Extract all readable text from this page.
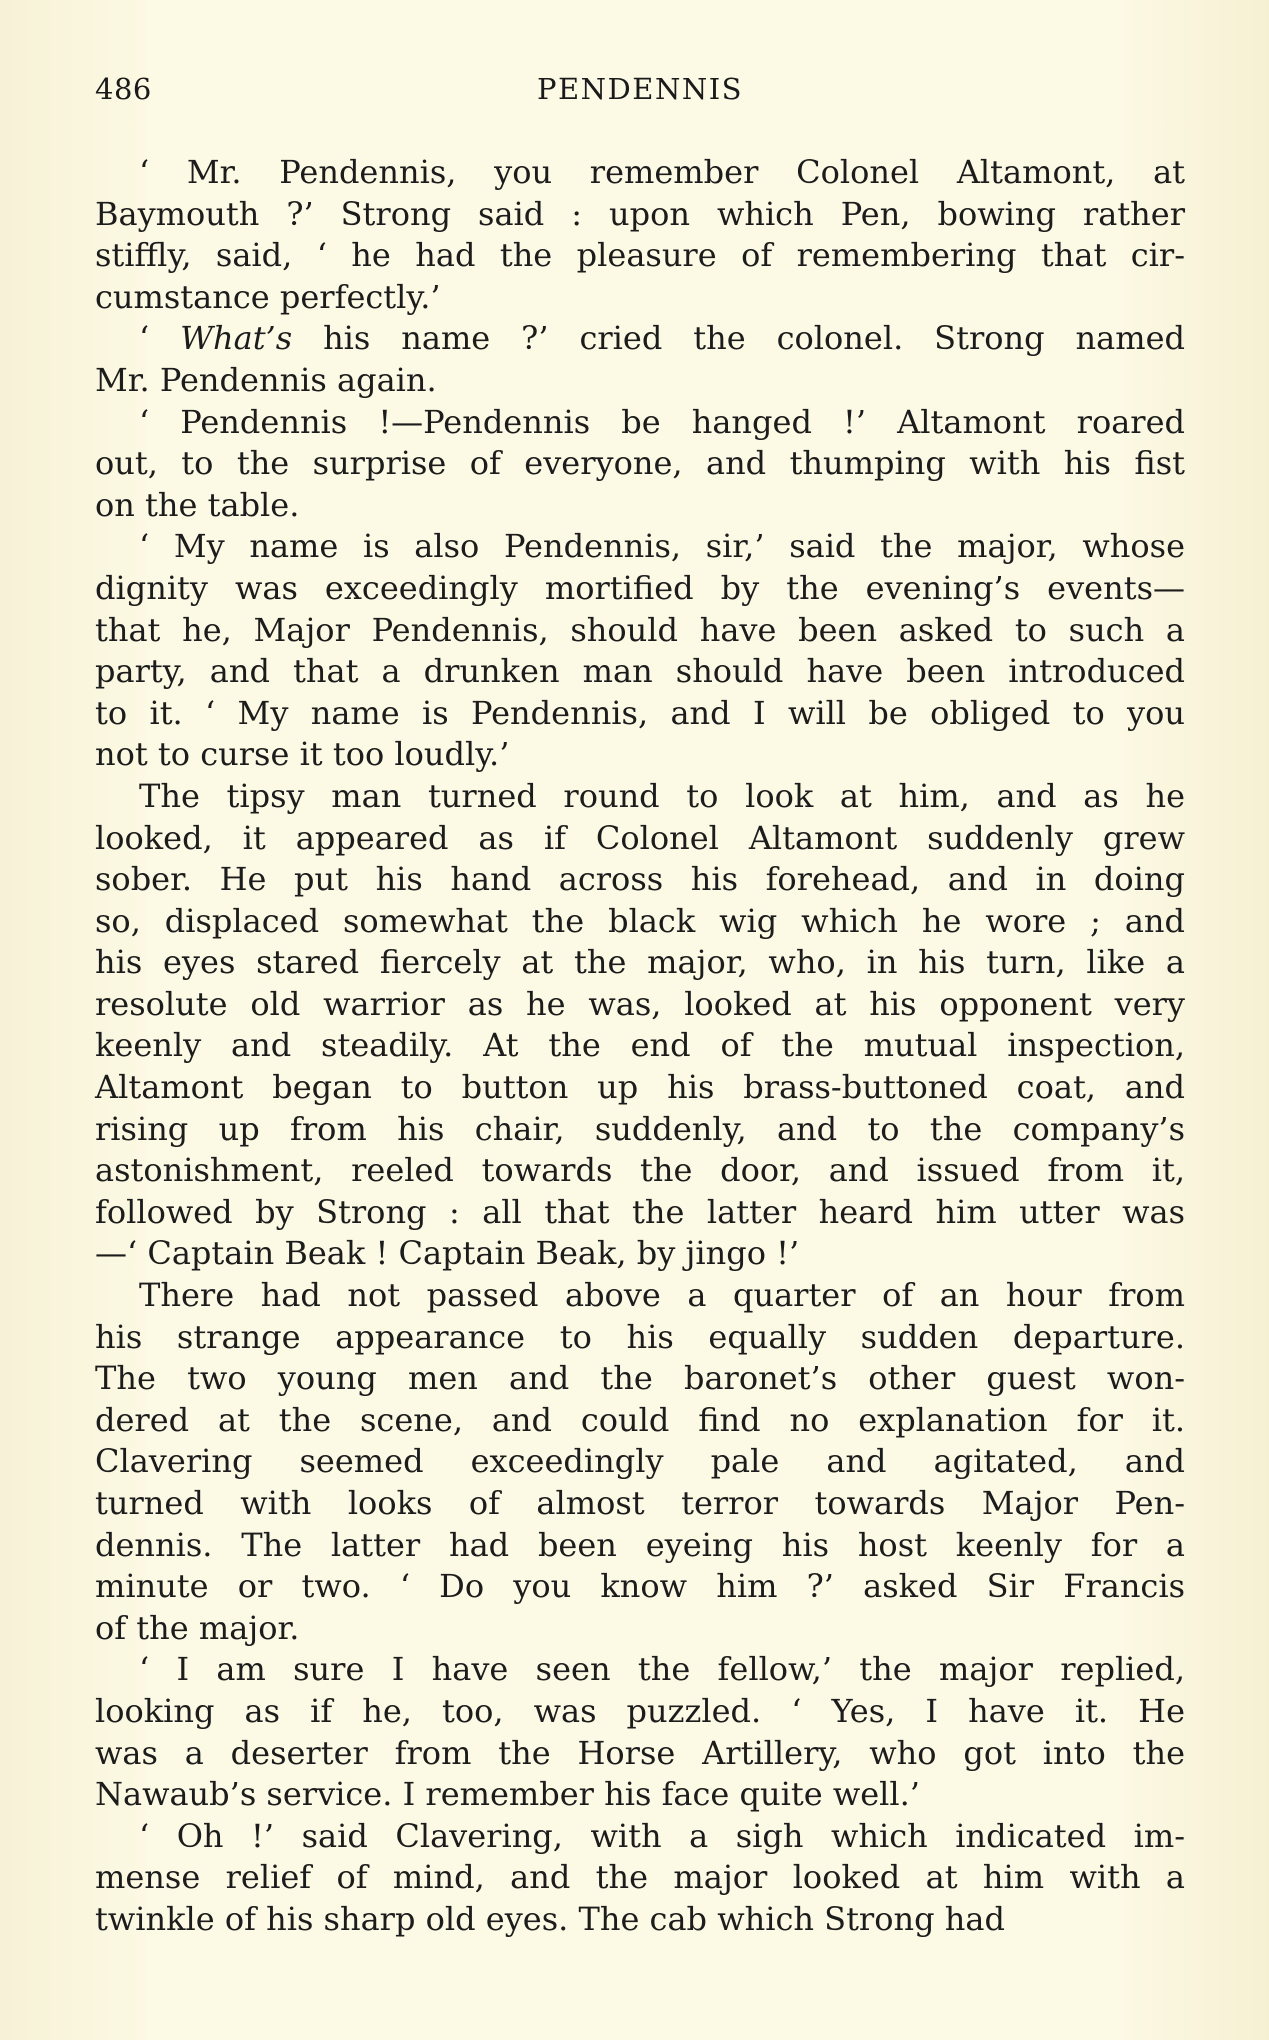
486	PENDENNIS
‘ Mr. Pendennis, you remember Colonel Altamont, at
Baymouth ?’ Strong said : upon which Pen, bowing rather
stiffly, said, ‘ he had the pleasure of remembering that cir-
cumstance perfectly.’
‘ What’s his name ?’ cried the colonel. Strong named
Mr. Pendennis again.
‘ Pendennis !—Pendennis be hanged !’ Altamont roared
out, to the surprise of everyone, and thumping with his fist
on the table.
‘ My name is also Pendennis, sir,’ said the major, whose
dignity was exceedingly mortified by the evening’s events—
that he, Major Pendennis, should have been asked to such a
party, and that a drunken man should have been introduced
to it. ‘ My name is Pendennis, and I will be obliged to you
not to curse it too loudly.’
The tipsy man turned round to look at him, and as he
looked, it appeared as if Colonel Altamont suddenly grew
sober. He put his hand across his forehead, and in doing
so, displaced somewhat the black wig which he wore ; and
his eyes stared fiercely at the major, who, in his turn, like a
resolute old warrior as he was, looked at his opponent very
keenly and steadily. At the end of the mutual inspection,
Altamont began to button up his brass-buttoned coat, and
rising up from his chair, suddenly, and to the company’s
astonishment, reeled towards the door, and issued from it,
followed by Strong : all that the latter heard him utter was
—‘ Captain Beak ! Captain Beak, by jingo !’
There had not passed above a quarter of an hour from
his strange appearance to his equally sudden departure.
The two young men and the baronet’s other guest won-
dered at the scene, and could find no explanation for it.
Clavering seemed exceedingly pale and agitated, and
turned with looks of almost terror towards Major Pen-
dennis. The latter had been eyeing his host keenly for a
minute or two. ‘ Do you know him ?’ asked Sir Francis
of the major.
‘ I am sure I have seen the fellow,’ the major replied,
looking as if he, too, was puzzled. ‘ Yes, I have it. He
was a deserter from the Horse Artillery, who got into the
Nawaub’s service. I remember his face quite well.’
‘ Oh !’ said Clavering, with a sigh which indicated im-
mense relief of mind, and the major looked at him with a
twinkle of his sharp old eyes. The cab which Strong had
